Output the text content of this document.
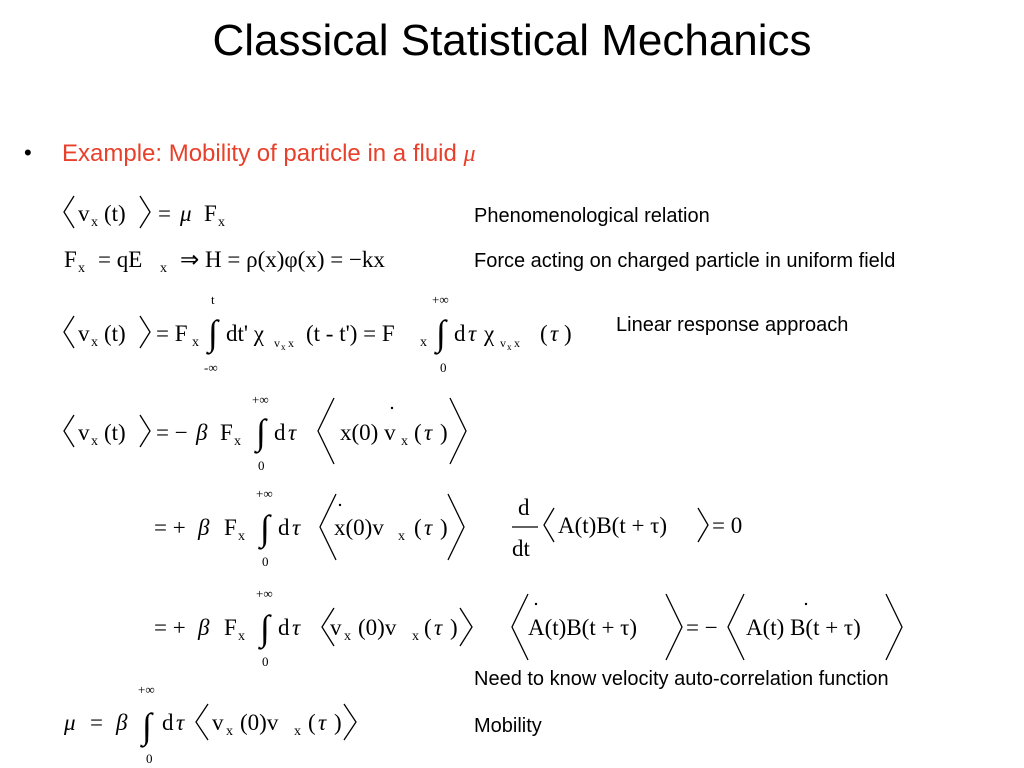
Classical Statistical Mechanics
• Example: Mobility of particle in a fluid μ
Phenomenological relation
Force acting on charged particle in uniform field
Linear response approach
Need to know velocity auto-correlation function
Mobility
v x (t) = μ F x
F x = qE x ⇒ H = ρ(x)φ(x) = −kx
v x (t) = F x ∫
t
-∞
dt' χ v x x (t - t') = F x ∫
+∞
0
d τ χ v x x ( τ )
v x (t) = − β F x ∫
+∞
0
d τ x(0) v x ( τ )
= + β F x ∫
+∞
0
d τ x(0)v x ( τ )
d
dt
A(t)B(t + τ) = 0
= + β F x ∫
+∞
0
d τ v x (0)v x ( τ )	A(t)B(t + τ) = − A(t) B(t + τ)
μ = β ∫
+∞
0
d τ v x (0)v x ( τ )
